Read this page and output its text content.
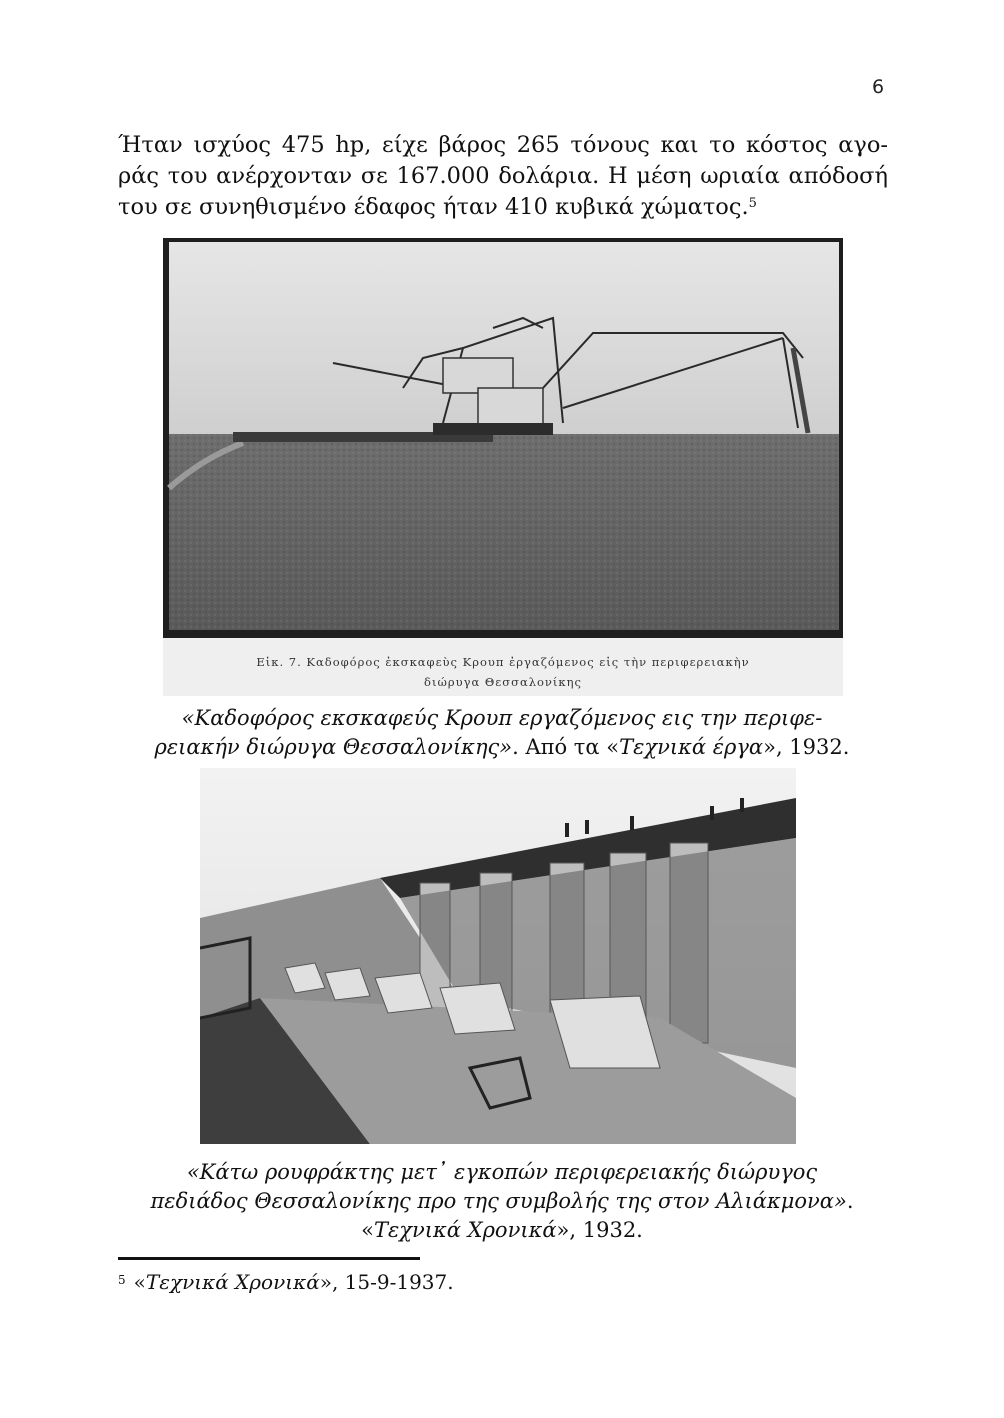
6

Ήταν ισχύος 475 hp, είχε βάρος 265 τόνους και το κόστος αγο-
ράς του ανέρχονταν σε 167.000 δολάρια. Η μέση ωριαία απόδοσή
του σε συνηθισμένο έδαφος ήταν 410 κυβικά χώματος.$^5$

Εἰκ. 7. Καδοφόρος ἐκσκαφεὺς Κρουπ ἐργαζόμενος εἰς τὴν περιφερειακὴν
διώρυγα Θεσσαλονίκης
«Καδοφόρος εκσκαφεύς Κρουπ εργαζόμενος εις την περιφε-
ρειακήν διώρυγα Θεσσαλονίκης». Από τα «Τεχνικά έργα», 1932.
«Κάτω ρουφράκτης μετ᾽ εγκοπών περιφερειακής διώρυγος
πεδιάδος Θεσσαλονίκης προ της συμβολής της στον Αλιάκμονα».
«Τεχνικά Χρονικά», 1932.
$^5$ «Τεχνικά Χρονικά», 15-9-1937.
